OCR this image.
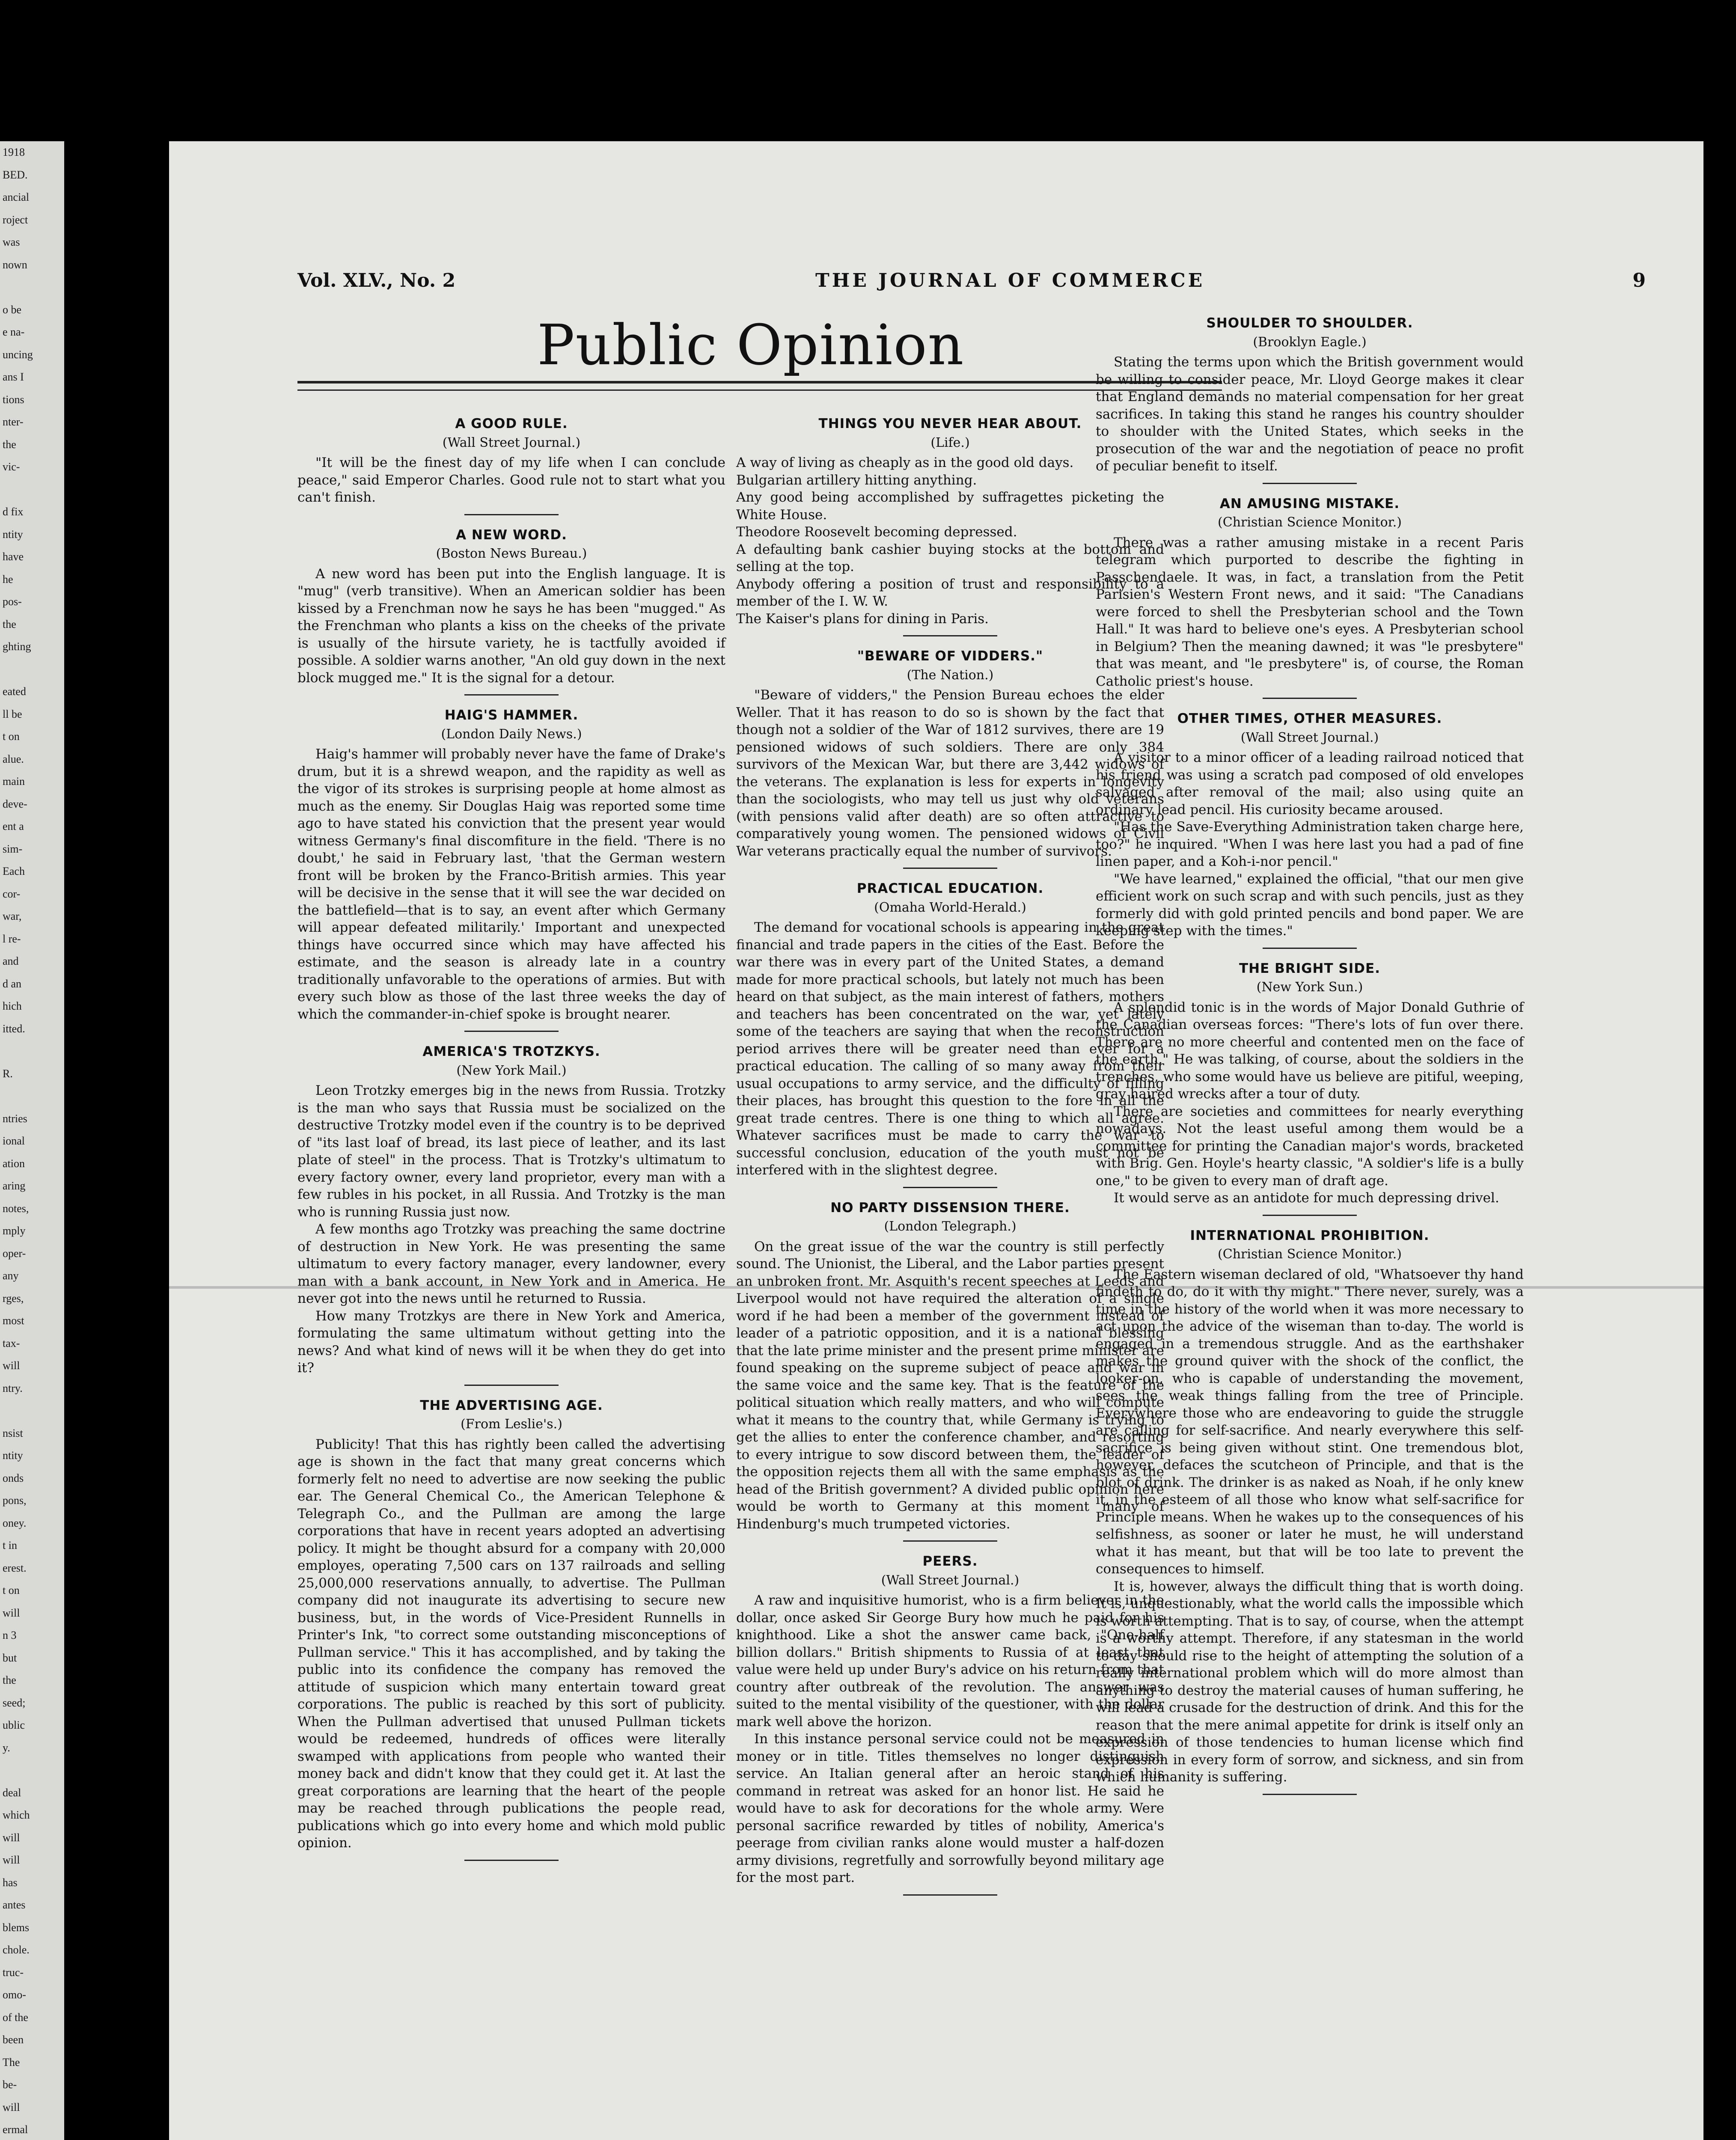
1918
BED.
ancial
roject
was
nown

o be
e na-
uncing
ans I
tions
nter-
the
vic-

d fix
ntity
have
he
pos-
the
ghting

eated
ll be
t on
alue.
main
deve-
ent a
sim-
Each
cor-
war,
l re-
and
d an
hich
itted.

R.

ntries
ional
ation
aring
notes,
mply
oper-
any
rges,
most
tax-
will
ntry.

nsist
ntity
onds
pons,
oney.
t in
erest.
t on
will
n 3
but
the
seed;
ublic
y.

deal
which
will
will
has
antes
blems
chole.
truc-
omo-
of the
been
The
be-
will
ermal

Vol. XLV., No. 2	THE JOURNAL OF COMMERCE	9
Public Opinion
A GOOD RULE.
(Wall Street Journal.)

"It will be the finest day of my life when I can conclude peace," said Emperor Charles. Good rule not to start what you can't finish.

A NEW WORD.
(Boston News Bureau.)

A new word has been put into the English language. It is "mug" (verb transitive). When an American soldier has been kissed by a Frenchman now he says he has been "mugged." As the Frenchman who plants a kiss on the cheeks of the private is usually of the hirsute variety, he is tactfully avoided if possible. A soldier warns another, "An old guy down in the next block mugged me." It is the signal for a detour.

HAIG'S HAMMER.
(London Daily News.)

Haig's hammer will probably never have the fame of Drake's drum, but it is a shrewd weapon, and the rapidity as well as the vigor of its strokes is surprising people at home almost as much as the enemy. Sir Douglas Haig was reported some time ago to have stated his conviction that the present year would witness Germany's final discomfiture in the field. 'There is no doubt,' he said in February last, 'that the German western front will be broken by the Franco-British armies. This year will be decisive in the sense that it will see the war decided on the battlefield—that is to say, an event after which Germany will appear defeated militarily.' Important and unexpected things have occurred since which may have affected his estimate, and the season is already late in a country traditionally unfavorable to the operations of armies. But with every such blow as those of the last three weeks the day of which the commander-in-chief spoke is brought nearer.

AMERICA'S TROTZKYS.
(New York Mail.)

Leon Trotzky emerges big in the news from Russia. Trotzky is the man who says that Russia must be socialized on the destructive Trotzky model even if the country is to be deprived of "its last loaf of bread, its last piece of leather, and its last plate of steel" in the process. That is Trotzky's ultimatum to every factory owner, every land proprietor, every man with a few rubles in his pocket, in all Russia. And Trotzky is the man who is running Russia just now.

A few months ago Trotzky was preaching the same doctrine of destruction in New York. He was presenting the same ultimatum to every factory manager, every landowner, every man with a bank account, in New York and in America. He never got into the news until he returned to Russia.

How many Trotzkys are there in New York and America, formulating the same ultimatum without getting into the news? And what kind of news will it be when they do get into it?

THE ADVERTISING AGE.
(From Leslie's.)

Publicity! That this has rightly been called the advertising age is shown in the fact that many great concerns which formerly felt no need to advertise are now seeking the public ear. The General Chemical Co., the American Telephone & Telegraph Co., and the Pullman are among the large corporations that have in recent years adopted an advertising policy. It might be thought absurd for a company with 20,000 employes, operating 7,500 cars on 137 railroads and selling 25,000,000 reservations annually, to advertise. The Pullman company did not inaugurate its advertising to secure new business, but, in the words of Vice-President Runnells in Printer's Ink, "to correct some outstanding misconceptions of Pullman service." This it has accomplished, and by taking the public into its confidence the company has removed the attitude of suspicion which many entertain toward great corporations. The public is reached by this sort of publicity. When the Pullman advertised that unused Pullman tickets would be redeemed, hundreds of offices were literally swamped with applications from people who wanted their money back and didn't know that they could get it. At last the great corporations are learning that the heart of the people may be reached through publications the people read, publications which go into every home and which mold public opinion.

THINGS YOU NEVER HEAR ABOUT.
(Life.)

A way of living as cheaply as in the good old days.

Bulgarian artillery hitting anything.

Any good being accomplished by suffragettes picketing the White House.

Theodore Roosevelt becoming depressed.

A defaulting bank cashier buying stocks at the bottom and selling at the top.

Anybody offering a position of trust and responsibility to a member of the I. W. W.

The Kaiser's plans for dining in Paris.

"BEWARE OF VIDDERS."
(The Nation.)

"Beware of vidders," the Pension Bureau echoes the elder Weller. That it has reason to do so is shown by the fact that though not a soldier of the War of 1812 survives, there are 19 pensioned widows of such soldiers. There are only 384 survivors of the Mexican War, but there are 3,442 widows of the veterans. The explanation is less for experts in longevity than the sociologists, who may tell us just why old veterans (with pensions valid after death) are so often attractive to comparatively young women. The pensioned widows of Civil War veterans practically equal the number of survivors.

PRACTICAL EDUCATION.
(Omaha World-Herald.)

The demand for vocational schools is appearing in the great financial and trade papers in the cities of the East. Before the war there was in every part of the United States, a demand made for more practical schools, but lately not much has been heard on that subject, as the main interest of fathers, mothers and teachers has been concentrated on the war, yet lately some of the teachers are saying that when the reconstruction period arrives there will be greater need than ever for a practical education. The calling of so many away from their usual occupations to army service, and the difficulty of filling their places, has brought this question to the fore in all the great trade centres. There is one thing to which all agree. Whatever sacrifices must be made to carry the war to successful conclusion, education of the youth must not be interfered with in the slightest degree.

NO PARTY DISSENSION THERE.
(London Telegraph.)

On the great issue of the war the country is still perfectly sound. The Unionist, the Liberal, and the Labor parties present an unbroken front. Mr. Asquith's recent speeches at Leeds and Liverpool would not have required the alteration of a single word if he had been a member of the government instead of leader of a patriotic opposition, and it is a national blessing that the late prime minister and the present prime minister are found speaking on the supreme subject of peace and war in the same voice and the same key. That is the feature of the political situation which really matters, and who will compute what it means to the country that, while Germany is trying to get the allies to enter the conference chamber, and resorting to every intrigue to sow discord between them, the leader of the opposition rejects them all with the same emphasis as the head of the British government? A divided public opinion here would be worth to Germany at this moment many of Hindenburg's much trumpeted victories.

PEERS.
(Wall Street Journal.)

A raw and inquisitive humorist, who is a firm believer in the dollar, once asked Sir George Bury how much he paid for his knighthood. Like a shot the answer came back, "One-half billion dollars." British shipments to Russia of at least that value were held up under Bury's advice on his return from that country after outbreak of the revolution. The answer was suited to the mental visibility of the questioner, with the dollar mark well above the horizon.

In this instance personal service could not be measured in money or in title. Titles themselves no longer distinguish service. An Italian general after an heroic stand of his command in retreat was asked for an honor list. He said he would have to ask for decorations for the whole army. Were personal sacrifice rewarded by titles of nobility, America's peerage from civilian ranks alone would muster a half-dozen army divisions, regretfully and sorrowfully beyond military age for the most part.

SHOULDER TO SHOULDER.
(Brooklyn Eagle.)

Stating the terms upon which the British government would be willing to consider peace, Mr. Lloyd George makes it clear that England demands no material compensation for her great sacrifices. In taking this stand he ranges his country shoulder to shoulder with the United States, which seeks in the prosecution of the war and the negotiation of peace no profit of peculiar benefit to itself.

AN AMUSING MISTAKE.
(Christian Science Monitor.)

There was a rather amusing mistake in a recent Paris telegram which purported to describe the fighting in Passchendaele. It was, in fact, a translation from the Petit Parisien's Western Front news, and it said: "The Canadians were forced to shell the Presbyterian school and the Town Hall." It was hard to believe one's eyes. A Presbyterian school in Belgium? Then the meaning dawned; it was "le presbytere" that was meant, and "le presbytere" is, of course, the Roman Catholic priest's house.

OTHER TIMES, OTHER MEASURES.
(Wall Street Journal.)

A visitor to a minor officer of a leading railroad noticed that his friend was using a scratch pad composed of old envelopes salvaged after removal of the mail; also using quite an ordinary lead pencil. His curiosity became aroused.

"Has the Save-Everything Administration taken charge here, too?" he inquired. "When I was here last you had a pad of fine linen paper, and a Koh-i-nor pencil."

"We have learned," explained the official, "that our men give efficient work on such scrap and with such pencils, just as they formerly did with gold printed pencils and bond paper. We are keeping step with the times."

THE BRIGHT SIDE.
(New York Sun.)

A splendid tonic is in the words of Major Donald Guthrie of the Canadian overseas forces: "There's lots of fun over there. There are no more cheerful and contented men on the face of the earth." He was talking, of course, about the soldiers in the trenches, who some would have us believe are pitiful, weeping, gray haired wrecks after a tour of duty.

There are societies and committees for nearly everything nowadays. Not the least useful among them would be a committee for printing the Canadian major's words, bracketed with Brig. Gen. Hoyle's hearty classic, "A soldier's life is a bully one," to be given to every man of draft age.

It would serve as an antidote for much depressing drivel.

INTERNATIONAL PROHIBITION.
(Christian Science Monitor.)

The Eastern wiseman declared of old, "Whatsoever thy hand findeth to do, do it with thy might." There never, surely, was a time in the history of the world when it was more necessary to act upon the advice of the wiseman than to-day. The world is engaged in a tremendous struggle. And as the earthshaker makes the ground quiver with the shock of the conflict, the looker-on, who is capable of understanding the movement, sees the weak things falling from the tree of Principle. Everywhere those who are endeavoring to guide the struggle are calling for self-sacrifice. And nearly everywhere this self-sacrifice is being given without stint. One tremendous blot, however, defaces the scutcheon of Principle, and that is the blot of drink. The drinker is as naked as Noah, if he only knew it, in the esteem of all those who know what self-sacrifice for Principle means. When he wakes up to the consequences of his selfishness, as sooner or later he must, he will understand what it has meant, but that will be too late to prevent the consequences to himself.

It is, however, always the difficult thing that is worth doing. It is, unquestionably, what the world calls the impossible which is worth attempting. That is to say, of course, when the attempt is a worthy attempt. Therefore, if any statesman in the world to-day should rise to the height of attempting the solution of a really international problem which will do more almost than anything to destroy the material causes of human suffering, he will lead a crusade for the destruction of drink. And this for the reason that the mere animal appetite for drink is itself only an expression of those tendencies to human license which find expression in every form of sorrow, and sickness, and sin from which humanity is suffering.
